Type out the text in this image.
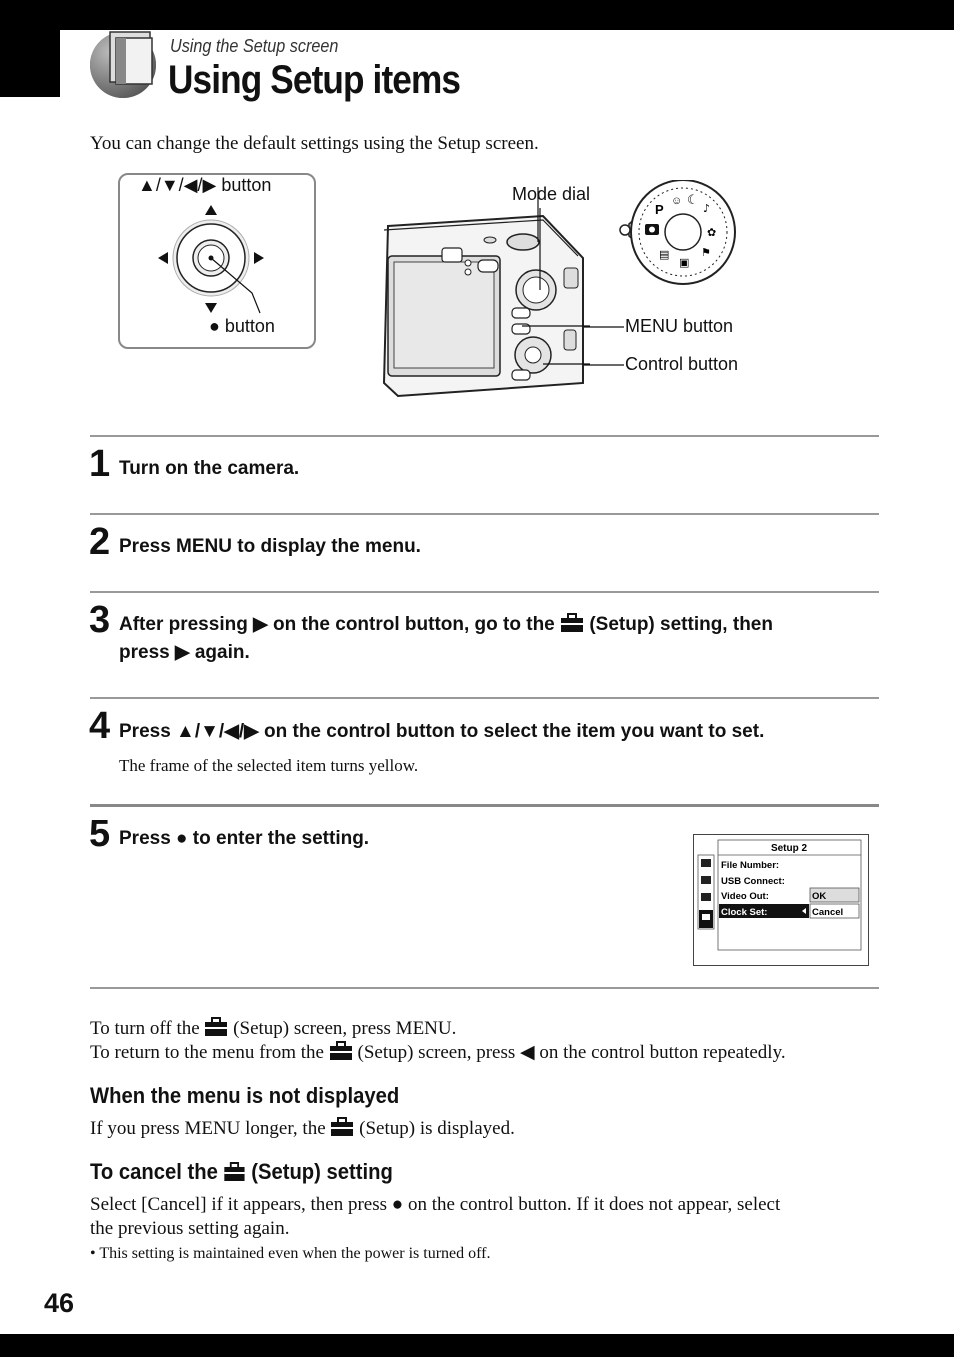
Using the Setup screen
Using Setup items
You can change the default settings using the Setup screen.
▲/▼/◀/▶ button
● button
Mode dial
MENU button
Control button
P
☺ ☾
♪
✿
⚑
▣
▤
1 Turn on the camera.
2 Press MENU to display the menu.
3 After pressing ▶ on the control button, go to the (Setup) setting, then
press ▶ again.
4 Press ▲/▼/◀/▶ on the control button to select the item you want to set.
The frame of the selected item turns yellow.
5 Press ● to enter the setting.	Setup 2
File Number:
USB Connect:
Video Out:
Clock Set:
OK
Cancel
To turn off the (Setup) screen, press MENU.
To return to the menu from the (Setup) screen, press ◀ on the control button repeatedly.
When the menu is not displayed
If you press MENU longer, the (Setup) is displayed.
To cancel the (Setup) setting
Select [Cancel] if it appears, then press ● on the control button. If it does not appear, select
the previous setting again.
• This setting is maintained even when the power is turned off.
46
